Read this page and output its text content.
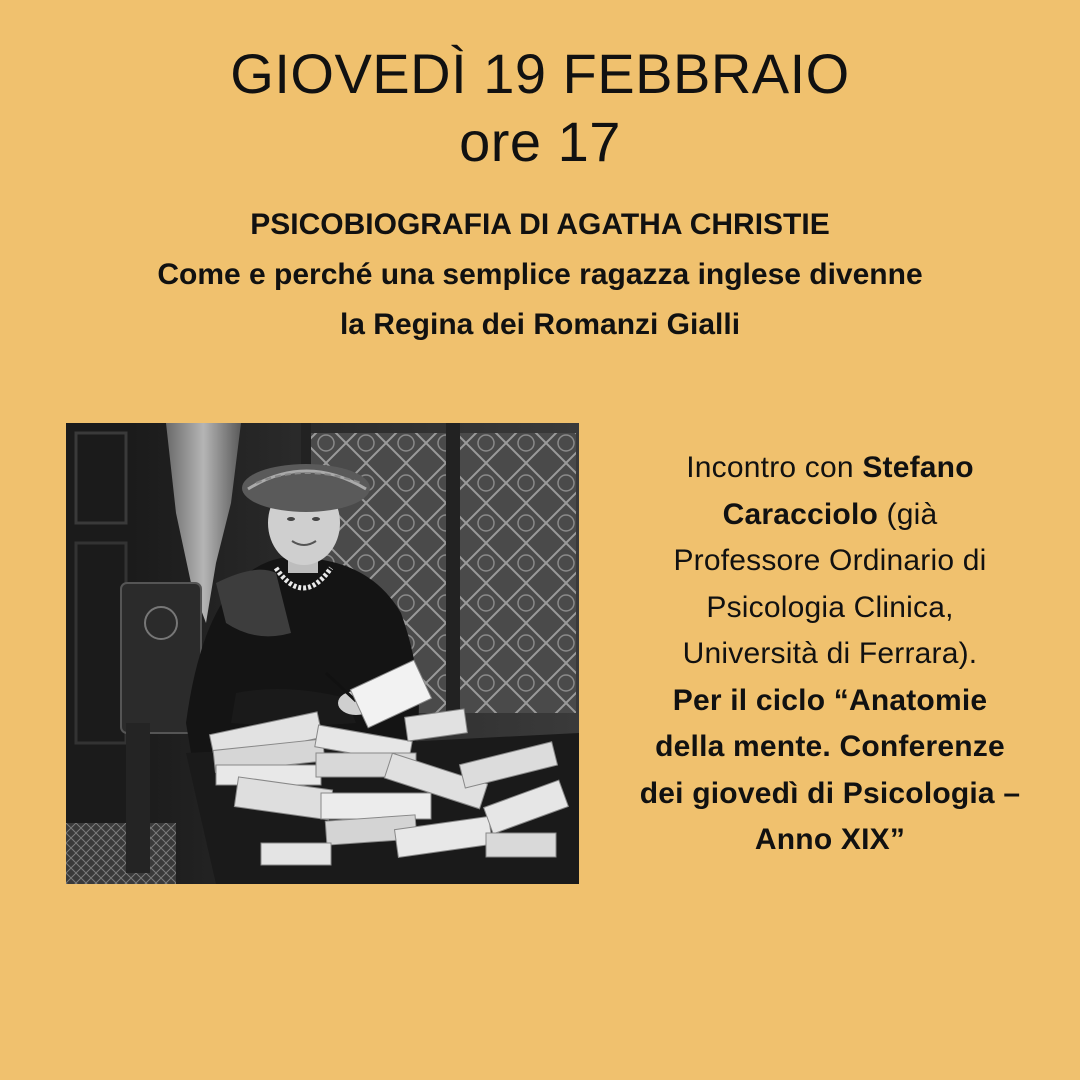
GIOVEDÌ 19 FEBBRAIO
ore 17
PSICOBIOGRAFIA DI AGATHA CHRISTIE
Come e perché una semplice ragazza inglese divenne
la Regina dei Romanzi Gialli
Incontro con Stefano
Caracciolo (già
Professore Ordinario di
Psicologia Clinica,
Università di Ferrara).
Per il ciclo “Anatomie
della mente. Conferenze
dei giovedì di Psicologia –
Anno XIX”
